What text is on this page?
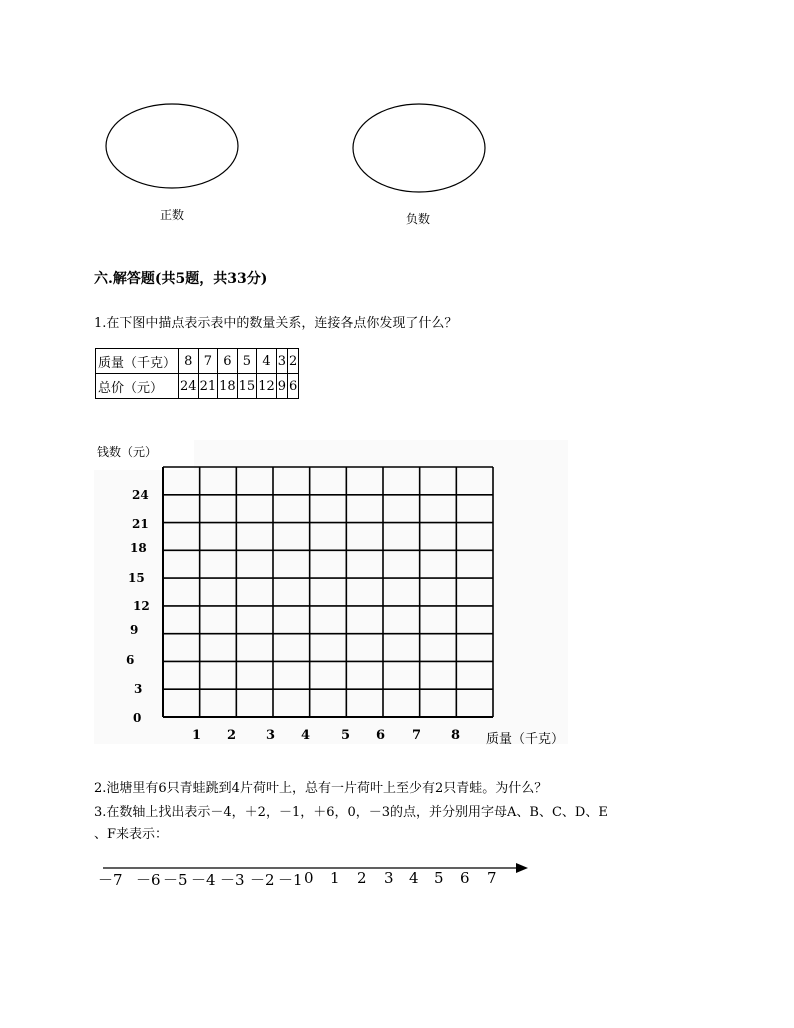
正数	负数
六.解答题(共5题，共33分)
1.在下图中描点表示表中的数量关系，连接各点你发现了什么？
质量（千克）	8	7	6	5	4	3	2
总价（元）	24	21	18	15	12	9	6
钱数（元）
24
21
18
15
12
9
6
3
0
1 2 3 4 5 6 7 8 质量（千克）
2.池塘里有6只青蛙跳到4片荷叶上，总有一片荷叶上至少有2只青蛙。为什么？
3.在数轴上找出表示－4，＋2，－1，＋6，0，－3的点，并分别用字母A、B、C、D、E
、F来表示：
－7 －6 －5 －4 －3 －2 －1 0 1 2 3 4 5 6 7
